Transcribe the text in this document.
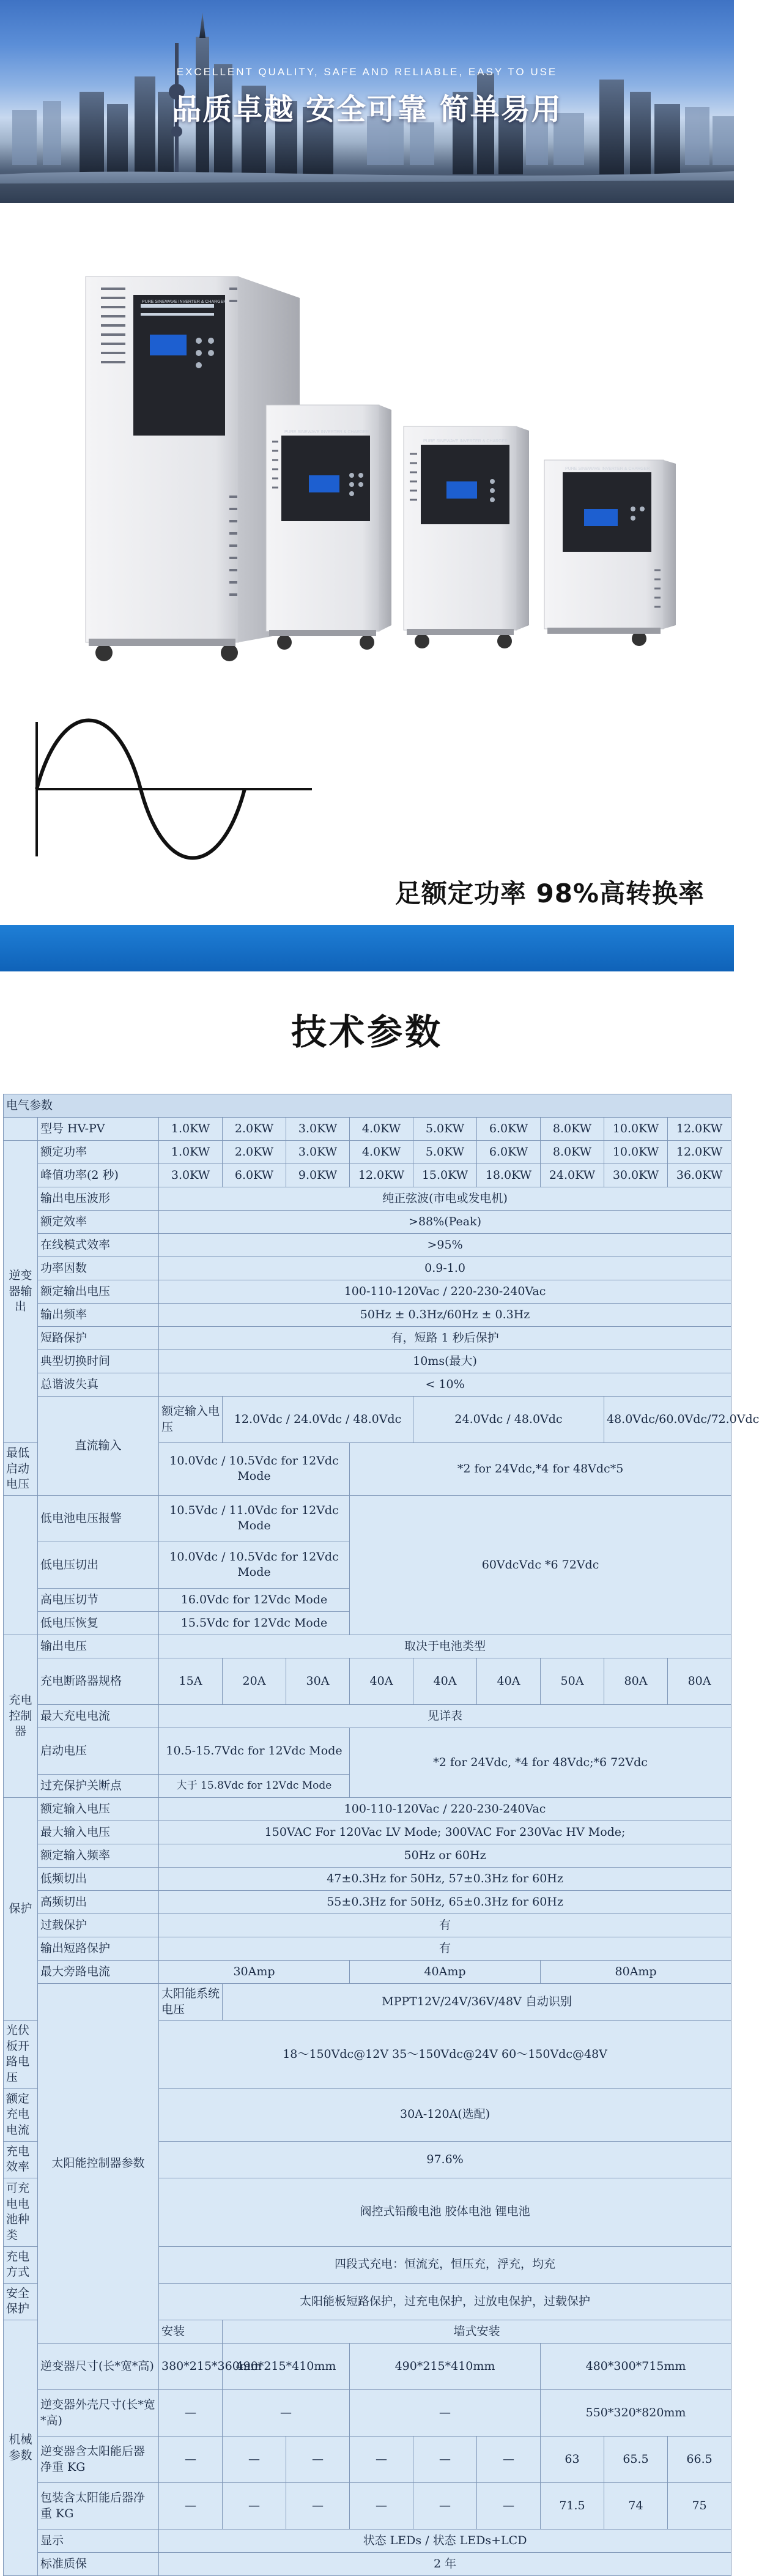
EXCELLENT QUALITY, SAFE AND RELIABLE, EASY TO USE
品质卓越 安全可靠 简单易用
PURE SINEWAVE INVERTER & CHARGER
PURE SINEWAVE INVERTER & CHARGER
PURE SINEWAVE INVERTER & CHARGER
PURE SINEWAVE INVERTER & CHARGER
足额定功率 98%高转换率
技术参数
电气参数										
	型号 HV-PV	1.0KW	2.0KW	3.0KW	4.0KW	5.0KW	6.0KW	8.0KW	10.0KW	12.0KW
逆变器输出	额定功率	1.0KW	2.0KW	3.0KW	4.0KW	5.0KW	6.0KW	8.0KW	10.0KW	12.0KW
	峰值功率(2 秒)	3.0KW	6.0KW	9.0KW	12.0KW	15.0KW	18.0KW	24.0KW	30.0KW	36.0KW
	输出电压波形	纯正弦波(市电或发电机)								
	额定效率	>88%(Peak)								
	在线模式效率	>95%								
	功率因数	0.9-1.0								
	额定输出电压	100-110-120Vac / 220-230-240Vac								
	输出频率	50Hz ± 0.3Hz/60Hz ± 0.3Hz								
	短路保护	有，短路 1 秒后保护								
	典型切换时间	10ms(最大)								
	总谐波失真	< 10%								
	直流输入	额定输入电压	12.0Vdc / 24.0Vdc / 48.0Vdc			24.0Vdc / 48.0Vdc			48.0Vdc/60.0Vdc/72.0Vdc	
最低启动电压		10.0Vdc / 10.5Vdc for 12Vdc Mode			*2 for 24Vdc,*4 for 48Vdc*5					
	低电池电压报警	10.5Vdc / 11.0Vdc for 12Vdc Mode			60VdcVdc *6 72Vdc					
	低电压切出	10.0Vdc / 10.5Vdc for 12Vdc Mode								
	高电压切节	16.0Vdc for 12Vdc Mode								
	低电压恢复	15.5Vdc for 12Vdc Mode								
充电控制器	输出电压	取决于电池类型								
	充电断路器规格	15A	20A	30A	40A	40A	40A	50A	80A	80A
	最大充电电流	见详表								
	启动电压	10.5-15.7Vdc for 12Vdc Mode			*2 for 24Vdc, *4 for 48Vdc;*6 72Vdc					
	过充保护关断点	大于 15.8Vdc for 12Vdc Mode								
保护	额定输入电压	100-110-120Vac / 220-230-240Vac								
	最大输入电压	150VAC For 120Vac LV Mode; 300VAC For 230Vac HV Mode;								
	额定输入频率	50Hz or 60Hz								
	低频切出	47±0.3Hz for 50Hz, 57±0.3Hz for 60Hz								
	高频切出	55±0.3Hz for 50Hz, 65±0.3Hz for 60Hz								
	过载保护	有								
	输出短路保护	有								
	最大旁路电流	30Amp			40Amp			80Amp		
	太阳能控制器参数	太阳能系统电压	MPPT12V/24V/36V/48V 自动识别							
光伏板开路电压		18～150Vdc@12V 35～150Vdc@24V 60～150Vdc@48V								
额定充电电流		30A-120A(选配)								
充电效率		97.6%								
可充电电池种类		阀控式铅酸电池 胶体电池 锂电池								
充电方式		四段式充电：恒流充，恒压充，浮充，均充								
安全保护		太阳能板短路保护，过充电保护，过放电保护，过载保护								
机械参数		安装	墙式安装							
	逆变器尺寸(长*宽*高)	380*215*360mm	490*215*410mm		490*215*410mm			480*300*715mm		
	逆变器外壳尺寸(长*宽*高)	—	—		—			550*320*820mm		
	逆变器含太阳能后器净重 KG	—	—	—	—	—	—	63	65.5	66.5
	包装含太阳能后器净重 KG	—	—	—	—	—	—	71.5	74	75
	显示	状态 LEDs / 状态 LEDs+LCD								
	标准质保	2 年								
